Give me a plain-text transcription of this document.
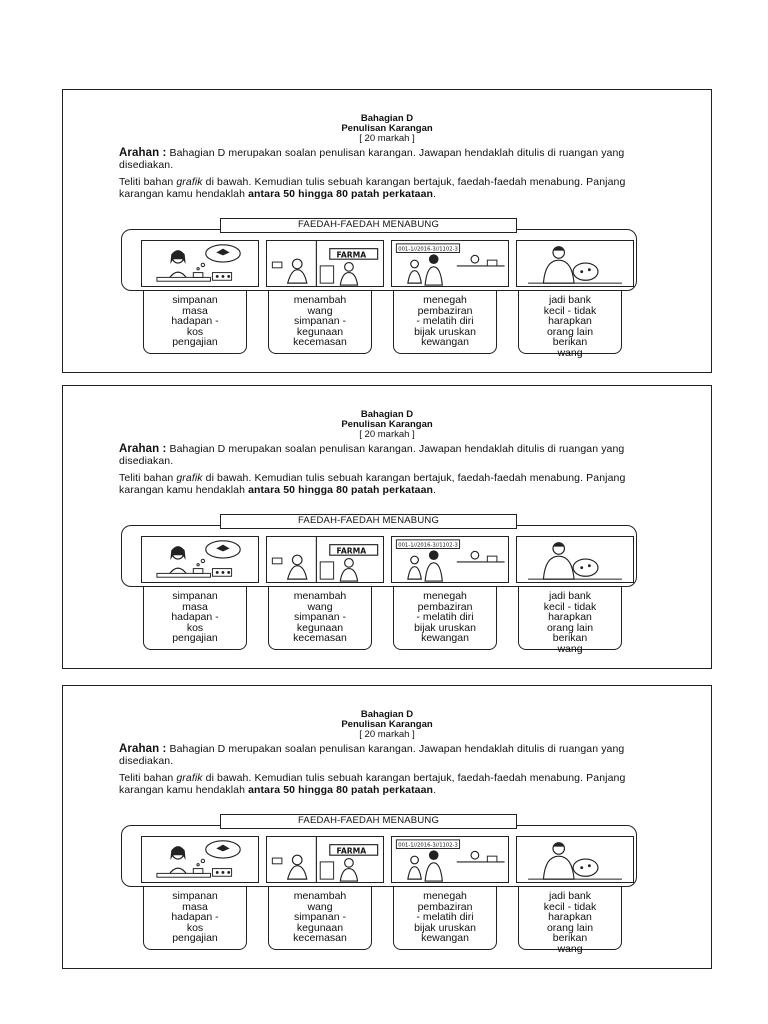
Bahagian D
Penulisan Karangan
[ 20 markah ]
Arahan : Bahagian D merupakan soalan penulisan karangan. Jawapan hendaklah ditulis di ruangan yang disediakan.
Teliti bahan grafik di bawah. Kemudian tulis sebuah karangan bertajuk, faedah-faedah menabung. Panjang karangan kamu hendaklah antara 50 hingga 80 patah perkataan.
FAEDAH-FAEDAH MENABUNG
FARMA
001-1//2016-3//1102-3
simpanan
masa
hadapan -
kos
pengajian
menambah
wang
simpanan -
kegunaan
kecemasan
menegah
pembaziran
- melatih diri
bijak uruskan
kewangan
jadi bank
kecil - tidak
harapkan
orang lain
berikan
wang
Bahagian D
Penulisan Karangan
[ 20 markah ]
Arahan : Bahagian D merupakan soalan penulisan karangan. Jawapan hendaklah ditulis di ruangan yang disediakan.
Teliti bahan grafik di bawah. Kemudian tulis sebuah karangan bertajuk, faedah-faedah menabung. Panjang karangan kamu hendaklah antara 50 hingga 80 patah perkataan.
FAEDAH-FAEDAH MENABUNG
FARMA
001-1//2016-3//1102-3
simpanan
masa
hadapan -
kos
pengajian
menambah
wang
simpanan -
kegunaan
kecemasan
menegah
pembaziran
- melatih diri
bijak uruskan
kewangan
jadi bank
kecil - tidak
harapkan
orang lain
berikan
wang
Bahagian D
Penulisan Karangan
[ 20 markah ]
Arahan : Bahagian D merupakan soalan penulisan karangan. Jawapan hendaklah ditulis di ruangan yang disediakan.
Teliti bahan grafik di bawah. Kemudian tulis sebuah karangan bertajuk, faedah-faedah menabung. Panjang karangan kamu hendaklah antara 50 hingga 80 patah perkataan.
FAEDAH-FAEDAH MENABUNG
FARMA
001-1//2016-3//1102-3
simpanan
masa
hadapan -
kos
pengajian
menambah
wang
simpanan -
kegunaan
kecemasan
menegah
pembaziran
- melatih diri
bijak uruskan
kewangan
jadi bank
kecil - tidak
harapkan
orang lain
berikan
wang
